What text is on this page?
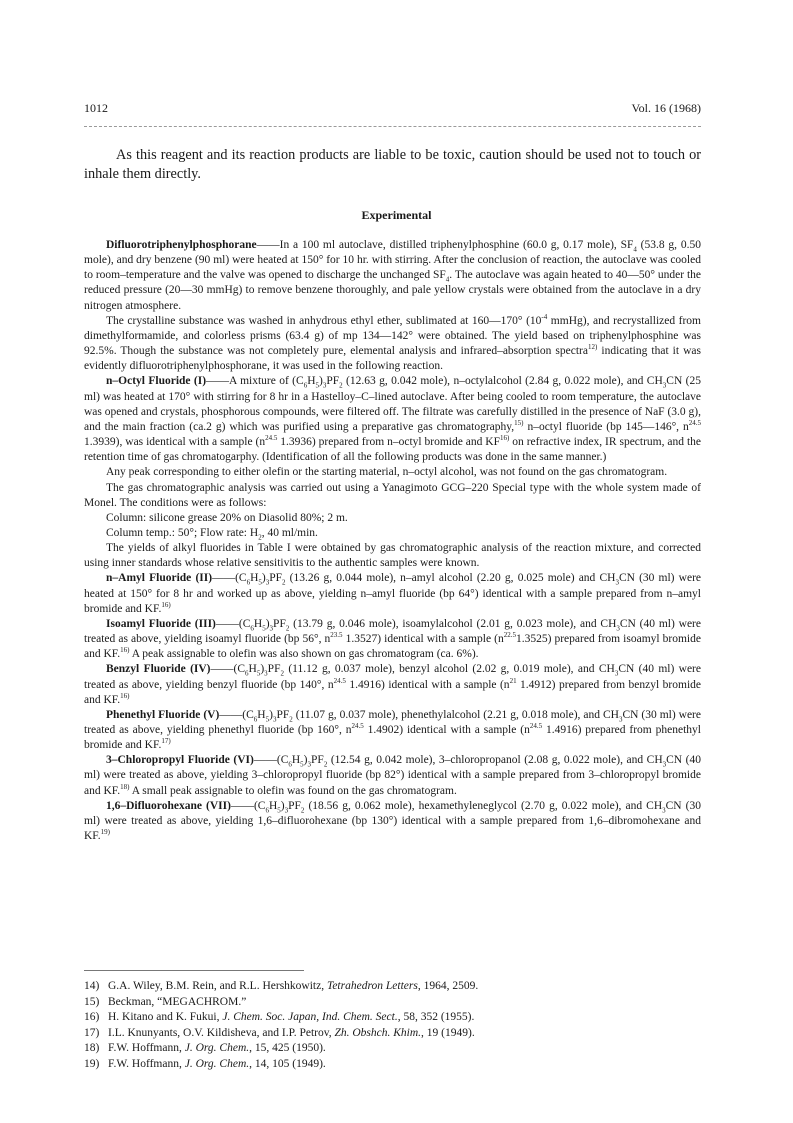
1012	Vol. 16 (1968)

As this reagent and its reaction products are liable to be toxic, caution should be used not to touch or inhale them directly.

Experimental

Difluorotriphenylphosphorane——In a 100 ml autoclave, distilled triphenylphosphine (60.0 g, 0.17 mole), $SF_4$ (53.8 g, 0.50 mole), and dry benzene (90 ml) were heated at 150° for 10 hr. with stirring. After the conclusion of reaction, the autoclave was cooled to room–temperature and the valve was opened to discharge the unchanged $SF_4$. The autoclave was again heated to 40—50° under the reduced pressure (20—30 mmHg) to remove benzene thoroughly, and pale yellow crystals were obtained from the autoclave in a dry nitrogen atmosphere.

The crystalline substance was washed in anhydrous ethyl ether, sublimated at 160—170° ($10^{-4}$ mmHg), and recrystallized from dimethylformamide, and colorless prisms (63.4 g) of mp 134—142° were obtained. The yield based on triphenylphosphine was 92.5%. Though the substance was not completely pure, elemental analysis and infrared–absorption spectra$^{12)}$ indicating that it was evidently difluorotriphenylphosphorane, it was used in the following reaction.

n–Octyl Fluoride (I)——A mixture of $(C_6H_5)_3PF_2$ (12.63 g, 0.042 mole), n–octylalcohol (2.84 g, 0.022 mole), and $CH_3CN$ (25 ml) was heated at 170° with stirring for 8 hr in a Hastelloy–C–lined autoclave. After being cooled to room temperature, the autoclave was opened and crystals, phosphorous compounds, were filtered off. The filtrate was carefully distilled in the presence of NaF (3.0 g), and the main fraction (ca.2 g) which was purified using a preparative gas chromatography,$^{15)}$ n–octyl fluoride (bp 145—146°, $n^{24.5}$ 1.3939), was identical with a sample ($n^{24.5}$ 1.3936) prepared from n–octyl bromide and KF$^{16)}$ on refractive index, IR spectrum, and the retention time of gas chromatogarphy. (Identification of all the following products was done in the same manner.)

Any peak corresponding to either olefin or the starting material, n–octyl alcohol, was not found on the gas chromatogram.

The gas chromatographic analysis was carried out using a Yanagimoto GCG–220 Special type with the whole system made of Monel. The conditions were as follows:

Column: silicone grease 20% on Diasolid 80%; 2 m.

Column temp.: 50°; Flow rate: $H_2$, 40 ml/min.

The yields of alkyl fluorides in Table I were obtained by gas chromatographic analysis of the reaction mixture, and corrected using inner standards whose relative sensitivitis to the authentic samples were known.

n–Amyl Fluoride $(II)——(C_6H_5)_3PF_2$ (13.26 g, 0.044 mole), n–amyl alcohol (2.20 g, 0.025 mole) and $CH_3CN$ (30 ml) were heated at 150° for 8 hr and worked up as above, yielding n–amyl fluoride (bp 64°) identical with a sample prepared from n–amyl bromide and KF.$^{16)}$

Isoamyl Fluoride $(III)——(C_6H_5)_3PF_2$ (13.79 g, 0.046 mole), isoamylalcohol (2.01 g, 0.023 mole), and $CH_3CN$ (40 ml) were treated as above, yielding isoamyl fluoride (bp 56°, $n^{23.5}$ 1.3527) identical with a sample $(n^{22.5}1.3525)$ prepared from isoamyl bromide and KF.$^{16)}$ A peak assignable to olefin was also shown on gas chromatogram (ca. 6%).

Benzyl Fluoride $(IV)——(C_6H_5)_3PF_2$ (11.12 g, 0.037 mole), benzyl alcohol (2.02 g, 0.019 mole), and $CH_3CN$ (40 ml) were treated as above, yielding benzyl fluoride (bp 140°, $n^{24.5}$ 1.4916) identical with a sample ($n^{21}$ 1.4912) prepared from benzyl bromide and KF.$^{16)}$

Phenethyl Fluoride $(V)——(C_6H_5)_3PF_2$ (11.07 g, 0.037 mole), phenethylalcohol (2.21 g, 0.018 mole), and $CH_3CN$ (30 ml) were treated as above, yielding phenethyl fluoride (bp 160°, $n^{24.5}$ 1.4902) identical with a sample ($n^{24.5}$ 1.4916) prepared from phenethyl bromide and KF.$^{17)}$

3–Chloropropyl Fluoride $(VI)——(C_6H_5)_3PF_2$ (12.54 g, 0.042 mole), 3–chloropropanol (2.08 g, 0.022 mole), and $CH_3CN$ (40 ml) were treated as above, yielding 3–chloropropyl fluoride (bp 82°) identical with a sample prepared from 3–chloropropyl bromide and KF.$^{18)}$ A small peak assignable to olefin was found on the gas chromatogram.

1,6–Difluorohexane $(VII)——(C_6H_5)_3PF_2$ (18.56 g, 0.062 mole), hexamethyleneglycol (2.70 g, 0.022 mole), and $CH_3CN$ (30 ml) were treated as above, yielding 1,6–difluorohexane (bp 130°) identical with a sample prepared from 1,6–dibromohexane and KF.$^{19)}$

14) G.A. Wiley, B.M. Rein, and R.L. Hershkowitz, Tetrahedron Letters, 1964, 2509.
15) Beckman, “MEGACHROM.”
16) H. Kitano and K. Fukui, J. Chem. Soc. Japan, Ind. Chem. Sect., 58, 352 (1955).
17) I.L. Knunyants, O.V. Kildisheva, and I.P. Petrov, Zh. Obshch. Khim., 19 (1949).
18) F.W. Hoffmann, J. Org. Chem., 15, 425 (1950).
19) F.W. Hoffmann, J. Org. Chem., 14, 105 (1949).
